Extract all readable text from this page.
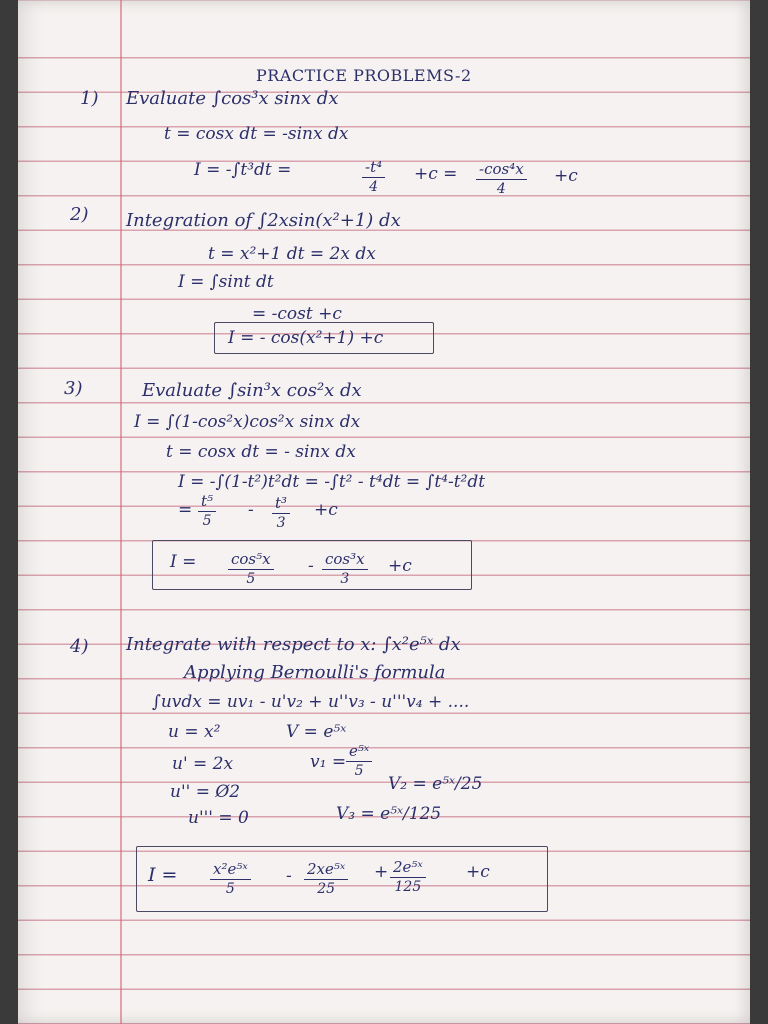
PRACTICE PROBLEMS-2
1) Evaluate ∫cos³x sinx dx
t = cosx dt = -sinx dx
I = -∫t³dt =	$\frac{\text{-t⁴}}{4} +c = \frac{\text{-cos⁴x}}{4} +c$
2) Integration of ∫2xsin(x²+1) dx
t = x²+1 dt = 2x dx
I = ∫sint dt
= -cost +c
I = - cos(x²+1) +c
3)	Evaluate ∫sin³x cos²x dx
I = ∫(1-cos²x)cos²x sinx dx
t = cosx dt = - sinx dx
I = -∫(1-t²)t²dt = -∫t² - t⁴dt = ∫t⁴-t²dt
= $\frac{\text{t⁵}}{5} - \frac{\text{t³}}{3} +c$
$I = \frac{\text{cos⁵x}}{5} - \frac{\text{cos³x}}{3} +c$
4) Integrate with respect to x: ∫x²e⁵ˣ dx
Applying Bernoulli's formula
∫uvdx = uv₁ - u'v₂ + u''v₃ - u'''v₄ + ....
u = x²	V = e⁵ˣ
u' = 2x	$v_1 = \frac{\text{e⁵ˣ}}{5}$
u'' = Ø2	V₂ = e⁵ˣ/25
u''' = 0	V₃ = e⁵ˣ/125
$I = \frac{\text{x²e⁵ˣ}}{5} - \frac{\text{2xe⁵ˣ}}{25} + \frac{\text{2e⁵ˣ}}{125} +c$
